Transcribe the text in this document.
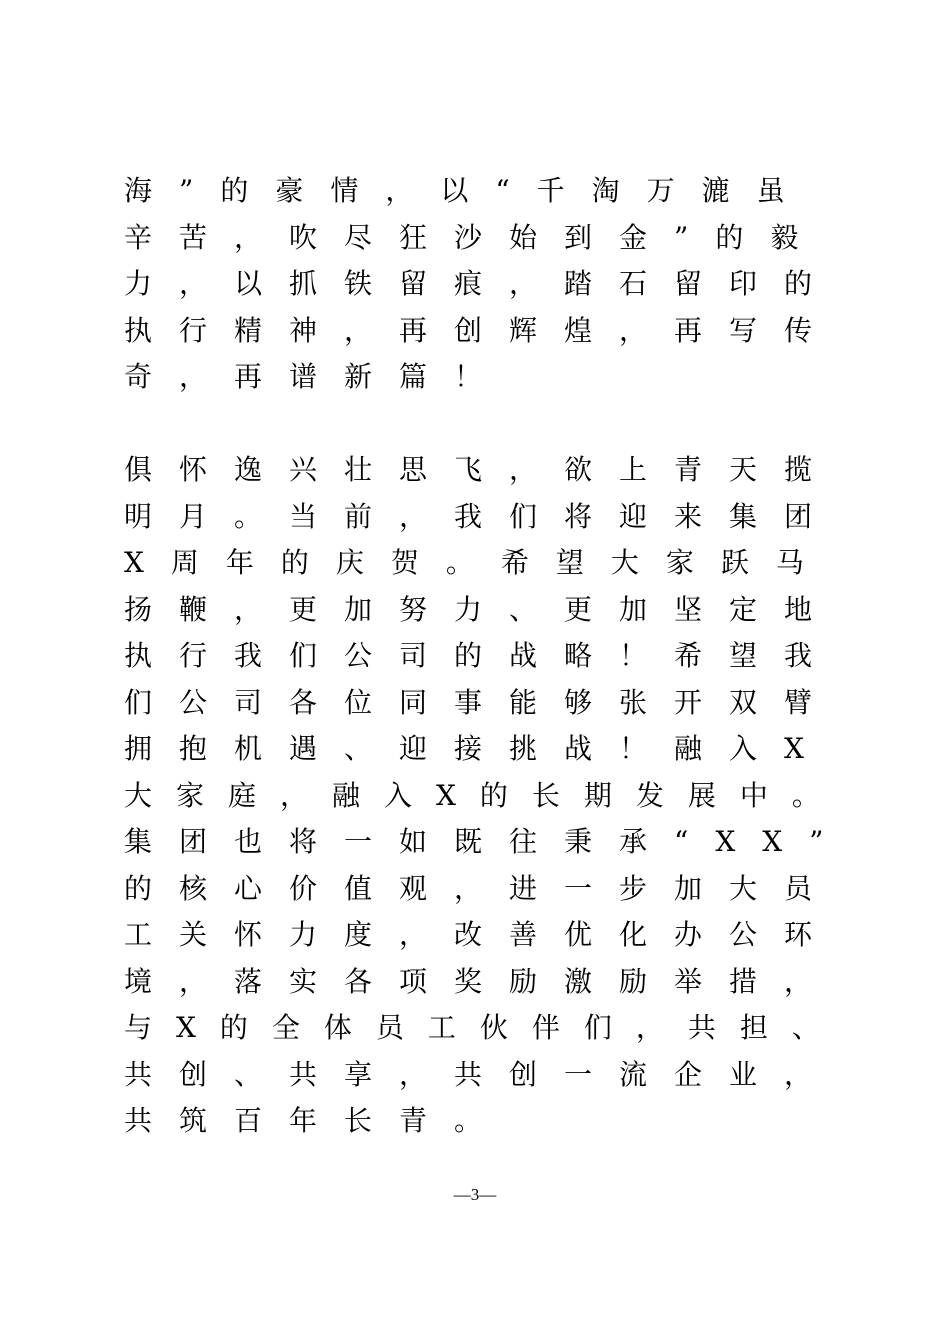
海”的豪情，以“千淘万漉虽
辛苦，吹尽狂沙始到金”的毅
力，以抓铁留痕，踏石留印的
执行精神，再创辉煌，再写传
奇，再谱新篇！
俱怀逸兴壮思飞，欲上青天揽
明月。当前，我们将迎来集团
X周年的庆贺。希望大家跃马
扬鞭，更加努力、更加坚定地
执行我们公司的战略！希望我
们公司各位同事能够张开双臂
拥抱机遇、迎接挑战！融入X
大家庭，融入X的长期发展中。
集团也将一如既往秉承“XX”
的核心价值观，进一步加大员
工关怀力度，改善优化办公环
境，落实各项奖励激励举措，
与X的全体员工伙伴们，共担、
共创、共享，共创一流企业，
共筑百年长青。
—3—
